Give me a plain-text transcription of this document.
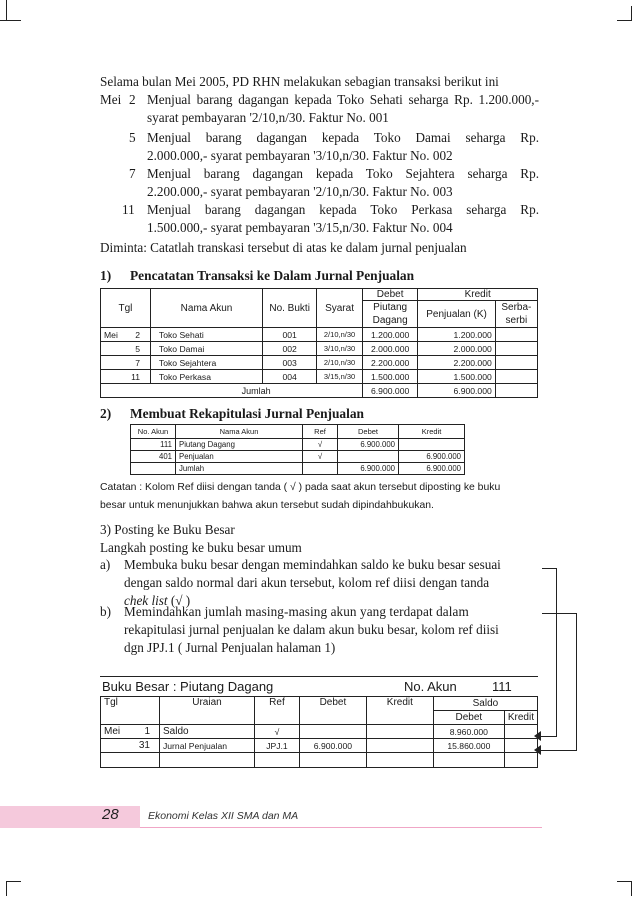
Selama bulan Mei 2005, PD RHN melakukan sebagian transaksi berikut ini
Mei 2 Menjual barang dagangan kepada Toko Sehati seharga Rp. 1.200.000,-
syarat pembayaran '2/10,n/30. Faktur No. 001
5 Menjual barang dagangan kepada Toko Damai seharga Rp.
2.000.000,- syarat pembayaran '3/10,n/30. Faktur No. 002
7 Menjual barang dagangan kepada Toko Sejahtera seharga Rp.
2.200.000,- syarat pembayaran '2/10,n/30. Faktur No. 003
11 Menjual barang dagangan kepada Toko Perkasa seharga Rp.
1.500.000,- syarat pembayaran '3/15,n/30. Faktur No. 004
Diminta: Catatlah transkasi tersebut di atas ke dalam jurnal penjualan
1) Pencatatan Transaksi ke Dalam Jurnal Penjualan
Tgl	Nama Akun	No. Bukti	Syarat	Debet	Kredit	
				Piutang
Dagang	Penjualan (K)	Serba-
serbi
Mei 2	Toko Sehati	001	2/10,n/30	1.200.000	1.200.000	
5	Toko Damai	002	3/10,n/30	2.000.000	2.000.000	
7	Toko Sejahtera	003	2/10,n/30	2.200.000	2.200.000	
11	Toko Perkasa	004	3/15,n/30	1.500.000	1.500.000	
	Jumlah			6.900.000	6.900.000	
2) Membuat Rekapitulasi Jurnal Penjualan
No. Akun	Nama Akun	Ref	Debet	Kredit
111	Piutang Dagang	√	6.900.000	
401	Penjualan	√		6.900.000
	Jumlah		6.900.000	6.900.000
Catatan : Kolom Ref diisi dengan tanda ( √ ) pada saat akun tersebut diposting ke buku
besar untuk menunjukkan bahwa akun tersebut sudah dipindahbukukan.
3) Posting ke Buku Besar
Langkah posting ke buku besar umum
a) Membuka buku besar dengan memindahkan saldo ke buku besar sesuai
dengan saldo normal dari akun tersebut, kolom ref diisi dengan tanda
chek list (√ )
b) Memindahkan jumlah masing-masing akun yang terdapat dalam
rekapitulasi jurnal penjualan ke dalam akun buku besar, kolom ref diisi
dgn JPJ.1 ( Jurnal Penjualan halaman 1)
Buku Besar : Piutang Dagang	No. Akun	111
Tgl	Uraian	Ref	Debet	Kredit	Saldo	
					Debet	Kredit
Mei 1	Saldo	√			8.960.000	
31	Jurnal Penjualan	JPJ.1	6.900.000		15.860.000	

28	Ekonomi Kelas XII SMA dan MA
